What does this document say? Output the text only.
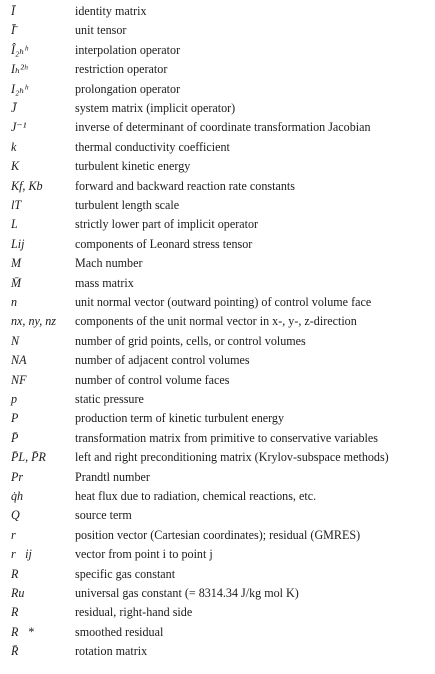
Ī	identity matrix
Ī̄	unit tensor
Î₂ₕʰ	interpolation operator
Iₕ²ʰ	restriction operator
I₂ₕʰ	prolongation operator
J̄	system matrix (implicit operator)
J⁻¹	inverse of determinant of coordinate transformation Jacobian
k	thermal conductivity coefficient
K	turbulent kinetic energy
Kf, Kb	forward and backward reaction rate constants
lT	turbulent length scale
L	strictly lower part of implicit operator
Lij	components of Leonard stress tensor
M	Mach number
M̄	mass matrix
n⃗	unit normal vector (outward pointing) of control volume face
nx, ny, nz	components of the unit normal vector in x-, y-, z-direction
N	number of grid points, cells, or control volumes
NA	number of adjacent control volumes
NF	number of control volume faces
p	static pressure
P	production term of kinetic turbulent energy
P̄	transformation matrix from primitive to conservative variables
P̄L, P̄R	left and right preconditioning matrix (Krylov-subspace methods)
Pr	Prandtl number
q̇h	heat flux due to radiation, chemical reactions, etc.
Q	source term
r⃗	position vector (Cartesian coordinates); residual (GMRES)
r⃗ij	vector from point i to point j
R	specific gas constant
Ru	universal gas constant (= 8314.34 J/kg mol K)
R⃗	residual, right-hand side
R⃗*	smoothed residual
R̄	rotation matrix
